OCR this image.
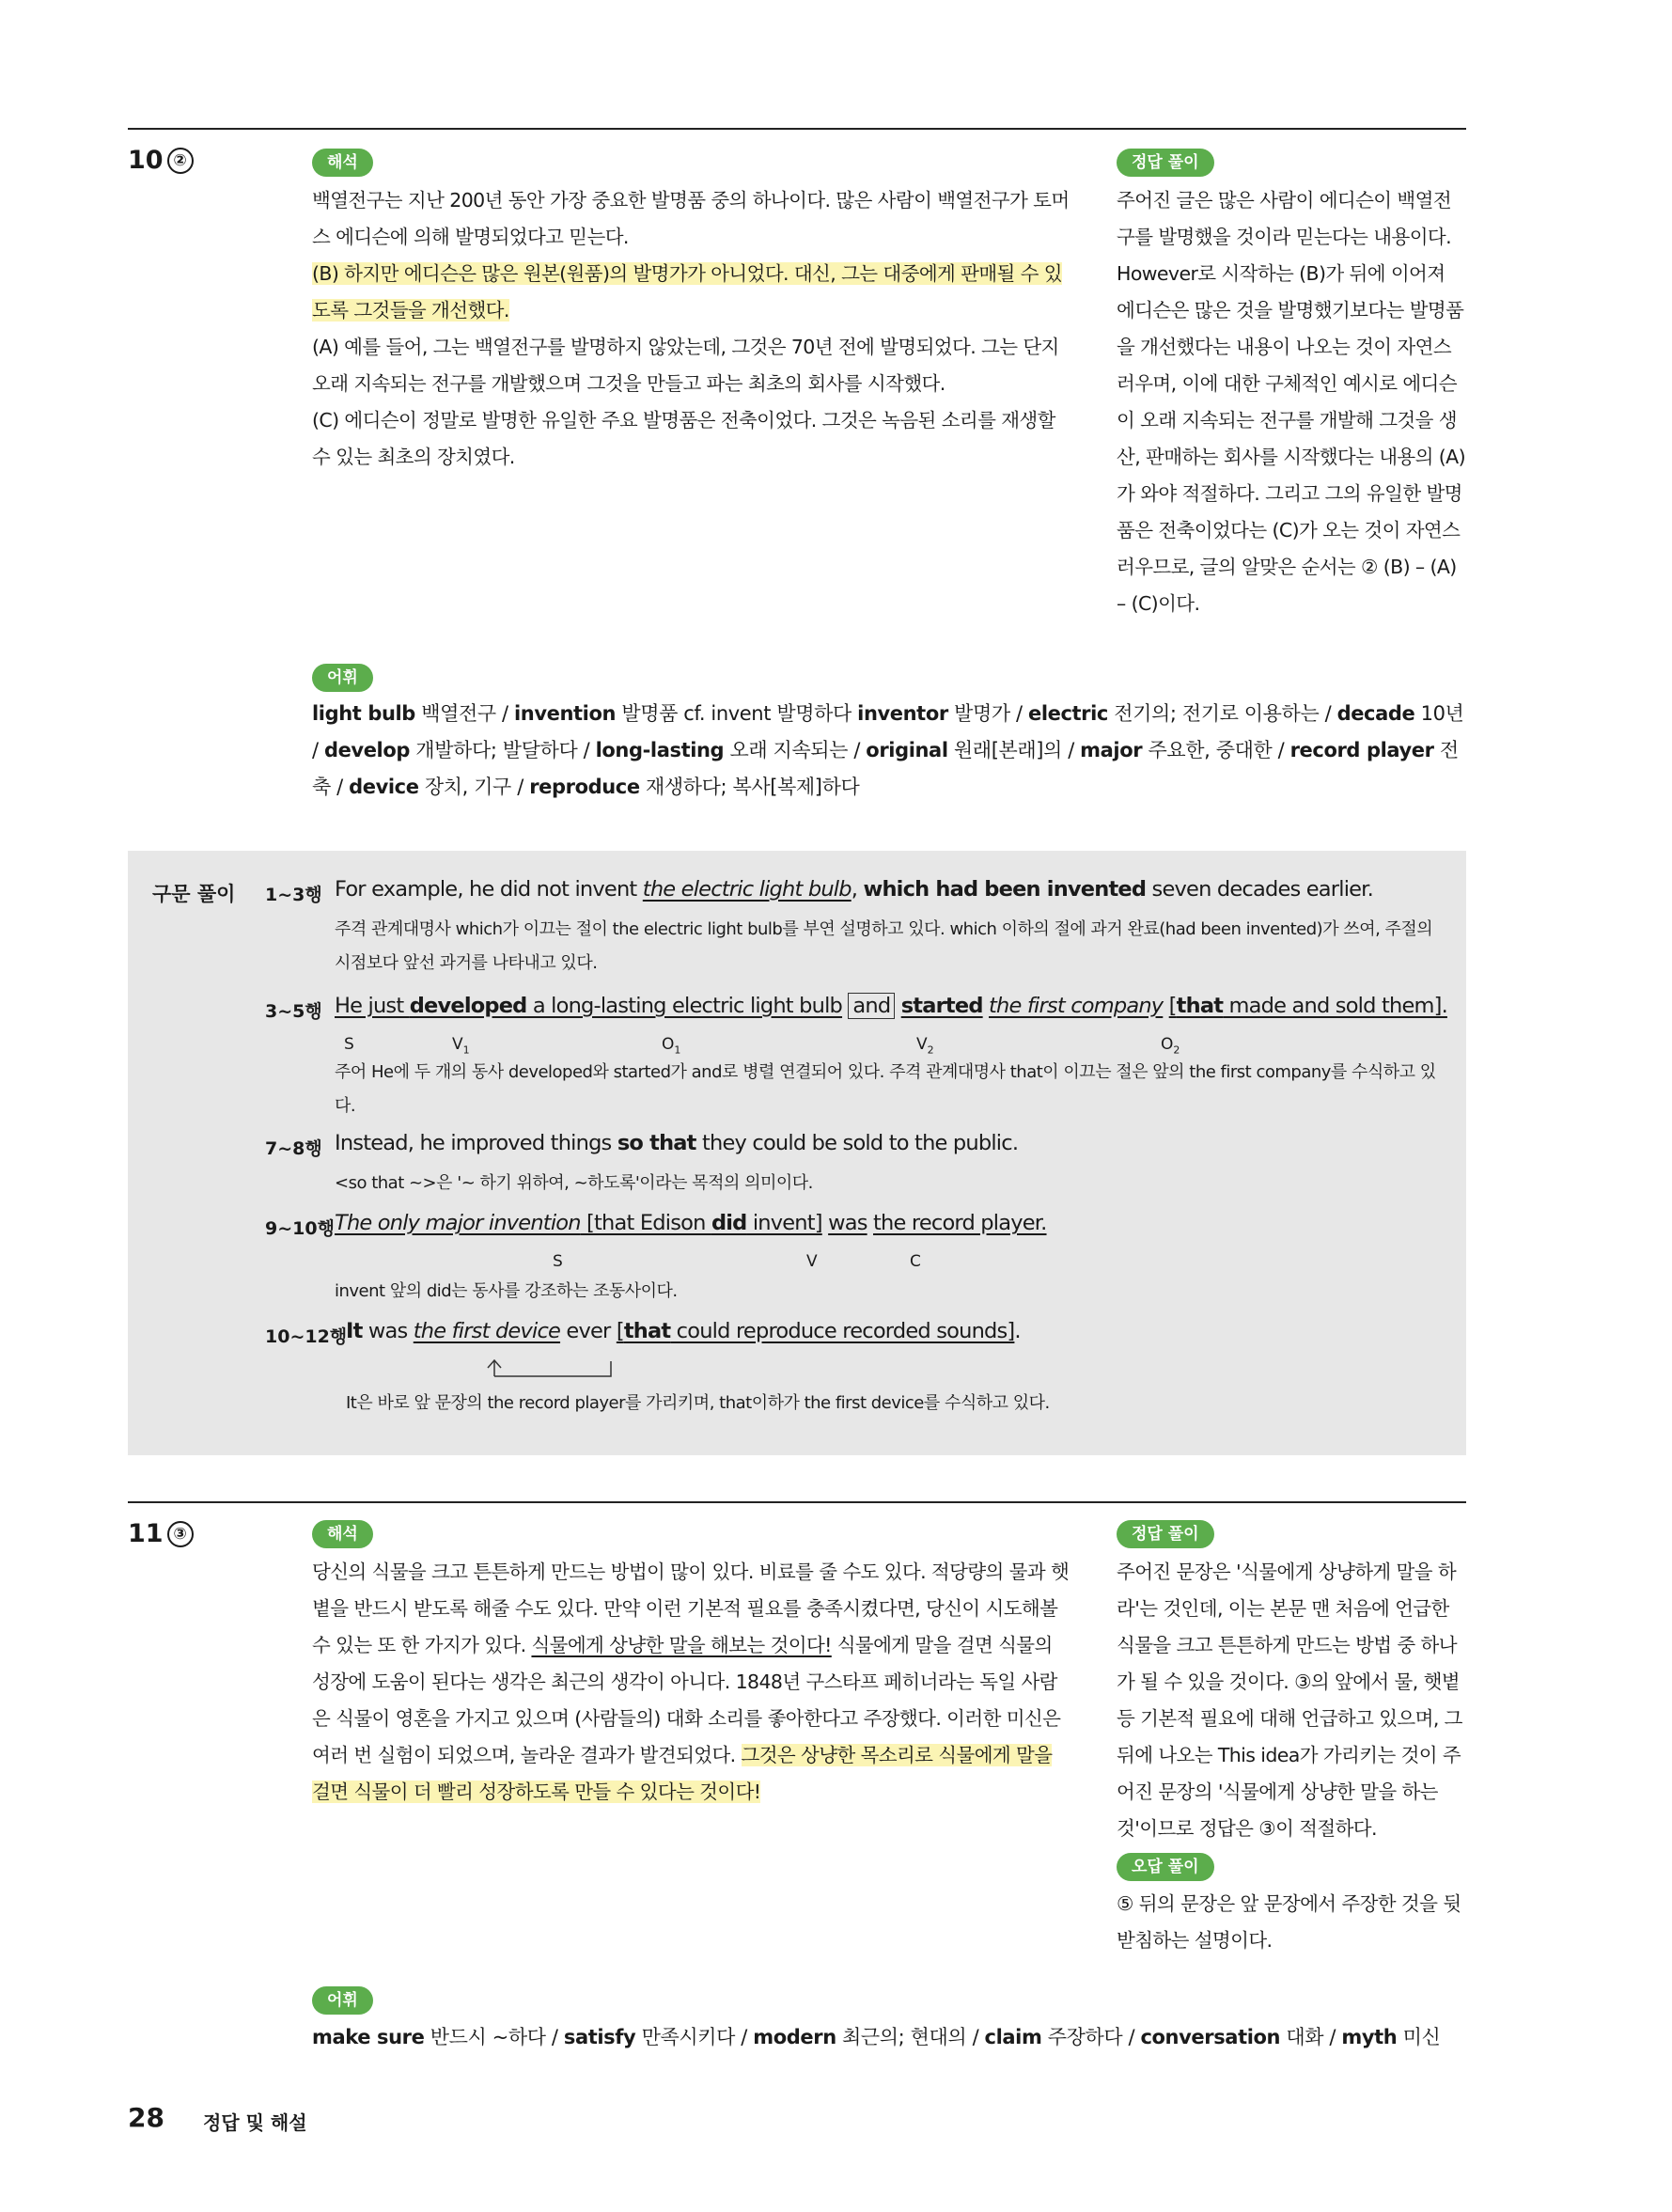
10 ②	해석

백열전구는 지난 200년 동안 가장 중요한 발명품 중의 하나이다. 많은 사람이 백열전구가 토머스 에디슨에 의해 발명되었다고 믿는다.

(B) 하지만 에디슨은 많은 원본(원품)의 발명가가 아니었다. 대신, 그는 대중에게 판매될 수 있도록 그것들을 개선했다.

(A) 예를 들어, 그는 백열전구를 발명하지 않았는데, 그것은 70년 전에 발명되었다. 그는 단지 오래 지속되는 전구를 개발했으며 그것을 만들고 파는 최초의 회사를 시작했다.

(C) 에디슨이 정말로 발명한 유일한 주요 발명품은 전축이었다. 그것은 녹음된 소리를 재생할 수 있는 최초의 장치였다.

정답 풀이
주어진 글은 많은 사람이 에디슨이 백열전구를 발명했을 것이라 믿는다는 내용이다. However로 시작하는 (B)가 뒤에 이어져 에디슨은 많은 것을 발명했기보다는 발명품을 개선했다는 내용이 나오는 것이 자연스러우며, 이에 대한 구체적인 예시로 에디슨이 오래 지속되는 전구를 개발해 그것을 생산, 판매하는 회사를 시작했다는 내용의 (A)가 와야 적절하다. 그리고 그의 유일한 발명품은 전축이었다는 (C)가 오는 것이 자연스러우므로, 글의 알맞은 순서는 ② (B) – (A) – (C)이다.
어휘
light bulb 백열전구 / invention 발명품 cf. invent 발명하다 inventor 발명가 / electric 전기의; 전기로 이용하는 / decade 10년 / develop 개발하다; 발달하다 / long-lasting 오래 지속되는 / original 원래[본래]의 / major 주요한, 중대한 / record player 전축 / device 장치, 기구 / reproduce 재생하다; 복사[복제]하다
구문 풀이 1~3행 For example, he did not invent the electric light bulb, which had been invented seven decades earlier.
주격 관계대명사 which가 이끄는 절이 the electric light bulb를 부연 설명하고 있다. which 이하의 절에 과거 완료(had been invented)가 쓰여, 주절의 시점보다 앞선 과거를 나타내고 있다.
3~5행 He just developed a long-lasting electric light bulb and started the first company [that made and sold them].
S	$V_1$	$O_1$	$V_2$	$O_2$
주어 He에 두 개의 동사 developed와 started가 and로 병렬 연결되어 있다. 주격 관계대명사 that이 이끄는 절은 앞의 the first company를 수식하고 있다.
7~8행 Instead, he improved things so that they could be sold to the public.
<so that ~>은 '~ 하기 위하여, ~하도록'이라는 목적의 의미이다.
9~10행 The only major invention [that Edison did invent] was the record player.
S	V	C
invent 앞의 did는 동사를 강조하는 조동사이다.
10~12행
It was the first device ever [that could reproduce recorded sounds].
It은 바로 앞 문장의 the record player를 가리키며, that이하가 the first device를 수식하고 있다.
11 ③	해석
당신의 식물을 크고 튼튼하게 만드는 방법이 많이 있다. 비료를 줄 수도 있다. 적당량의 물과 햇볕을 반드시 받도록 해줄 수도 있다. 만약 이런 기본적 필요를 충족시켰다면, 당신이 시도해볼 수 있는 또 한 가지가 있다. 식물에게 상냥한 말을 해보는 것이다! 식물에게 말을 걸면 식물의 성장에 도움이 된다는 생각은 최근의 생각이 아니다. 1848년 구스타프 페히너라는 독일 사람은 식물이 영혼을 가지고 있으며 (사람들의) 대화 소리를 좋아한다고 주장했다. 이러한 미신은 여러 번 실험이 되었으며, 놀라운 결과가 발견되었다. 그것은 상냥한 목소리로 식물에게 말을 걸면 식물이 더 빨리 성장하도록 만들 수 있다는 것이다!
정답 풀이
주어진 문장은 '식물에게 상냥하게 말을 하라'는 것인데, 이는 본문 맨 처음에 언급한 식물을 크고 튼튼하게 만드는 방법 중 하나가 될 수 있을 것이다. ③의 앞에서 물, 햇볕 등 기본적 필요에 대해 언급하고 있으며, 그 뒤에 나오는 This idea가 가리키는 것이 주어진 문장의 '식물에게 상냥한 말을 하는 것'이므로 정답은 ③이 적절하다.
오답 풀이
⑤ 뒤의 문장은 앞 문장에서 주장한 것을 뒷받침하는 설명이다.
어휘
make sure 반드시 ~하다 / satisfy 만족시키다 / modern 최근의; 현대의 / claim 주장하다 / conversation 대화 / myth 미신
28 정답 및 해설
